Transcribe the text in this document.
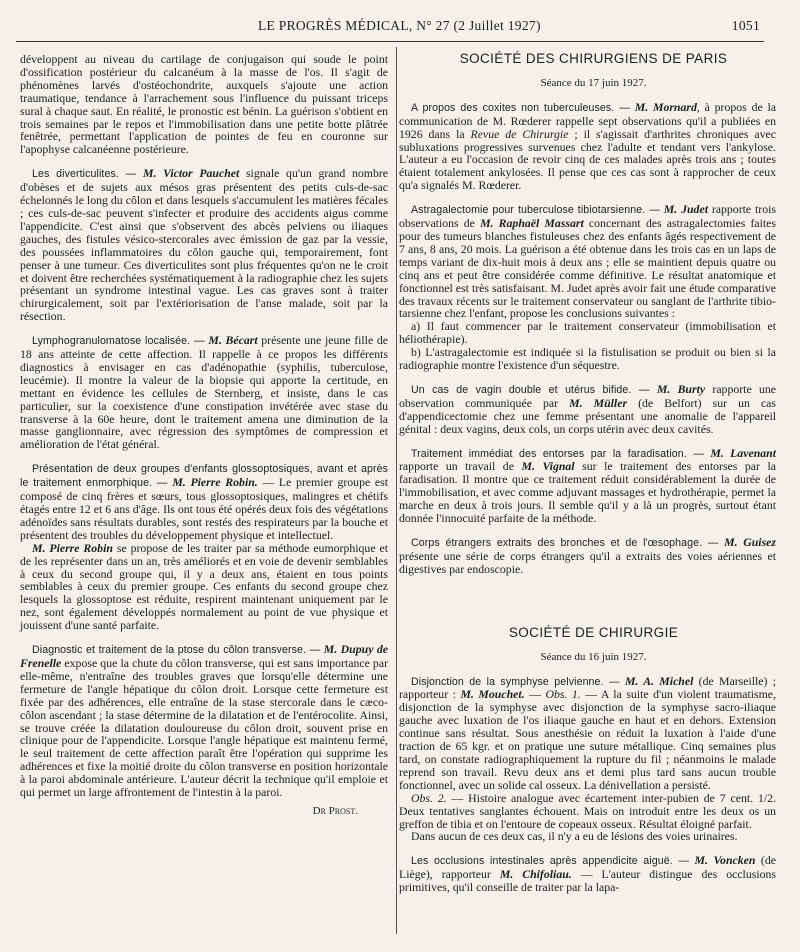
LE PROGRÈS MÉDICAL, N° 27 (2 Juillet 1927)	1051

développent au niveau du cartilage de conjugaison qui soude le point d'ossification postérieur du calcanéum à la masse de l'os. Il s'agit de phénomènes larvés d'ostéochondrite, auxquels s'ajoute une action traumatique, tendance à l'arrachement sous l'influence du puissant triceps sural à chaque saut. En réalité, le pronostic est bénin. La guérison s'obtient en trois semaines par le repos et l'immobilisation dans une petite botte plâtrée fenêtrée, permettant l'application de pointes de feu en couronne sur l'apophyse calcanéenne postérieure.

Les diverticulites. — M. Victor Pauchet signale qu'un grand nombre d'obèses et de sujets aux mésos gras présentent des petits culs-de-sac échelonnés le long du côlon et dans lesquels s'accumulent les matières fécales ; ces culs-de-sac peuvent s'infecter et produire des accidents aigus comme l'appendicite. C'est ainsi que s'observent des abcès pelviens ou iliaques gauches, des fistules vésico-stercorales avec émission de gaz par la vessie, des poussées inflammatoires du côlon gauche qui, temporairement, font penser à une tumeur. Ces diverticulites sont plus fréquentes qu'on ne le croit et doivent être recherchées systématiquement à la radiographie chez les sujets présentant un syndrome intestinal vague. Les cas graves sont à traiter chirurgicalement, soit par l'extériorisation de l'anse malade, soit par la résection.

Lymphogranulomatose localisée. — M. Bécart présente une jeune fille de 18 ans atteinte de cette affection. Il rappelle à ce propos les différents diagnostics à envisager en cas d'adénopathie (syphilis, tuberculose, leucémie). Il montre la valeur de la biopsie qui apporte la certitude, en mettant en évidence les cellules de Sternberg, et insiste, dans le cas particulier, sur la coexistence d'une constipation invétérée avec stase du transverse à la 60e heure, dont le traitement amena une diminution de la masse ganglionnaire, avec régression des symptômes de compression et amélioration de l'état général.

Présentation de deux groupes d'enfants glossoptosiques, avant et après le traitement enmorphique. — M. Pierre Robin. — Le premier groupe est composé de cinq frères et sœurs, tous glossoptosiques, malingres et chétifs étagés entre 12 et 6 ans d'âge. Ils ont tous été opérés deux fois des végétations adénoïdes sans résultats durables, sont restés des respirateurs par la bouche et présentent des troubles du développement physique et intellectuel.

M. Pierre Robin se propose de les traiter par sa méthode eumorphique et de les représenter dans un an, très améliorés et en voie de devenir semblables à ceux du second groupe qui, il y a deux ans, étaient en tous points semblables à ceux du premier groupe. Ces enfants du second groupe chez lesquels la glossoptose est réduite, respirent maintenant uniquement par le nez, sont également développés normalement au point de vue physique et jouissent d'une santé parfaite.

Diagnostic et traitement de la ptose du côlon transverse. — M. Dupuy de Frenelle expose que la chute du côlon transverse, qui est sans importance par elle-même, n'entraîne des troubles graves que lorsqu'elle détermine une fermeture de l'angle hépatique du côlon droit. Lorsque cette fermeture est fixée par des adhérences, elle entraîne de la stase stercorale dans le cæco-côlon ascendant ; la stase détermine de la dilatation et de l'entérocolite. Ainsi, se trouve créée la dilatation douloureuse du côlon droit, souvent prise en clinique pour de l'appendicite. Lorsque l'angle hépatique est maintenu fermé, le seul traitement de cette affection paraît être l'opération qui supprime les adhérences et fixe la moitié droite du côlon transverse en position horizontale à la paroi abdominale antérieure. L'auteur décrit la technique qu'il emploie et qui permet un large affrontement de l'intestin à la paroi.

Dr Prost.

SOCIÉTÉ DES CHIRURGIENS DE PARIS

Séance du 17 juin 1927.

A propos des coxites non tuberculeuses. — M. Mornard, à propos de la communication de M. Rœderer rappelle sept observations qu'il a publiées en 1926 dans la Revue de Chirurgie ; il s'agissait d'arthrites chroniques avec subluxations progressives survenues chez l'adulte et tendant vers l'ankylose. L'auteur a eu l'occasion de revoir cinq de ces malades après trois ans ; toutes étaient totalement ankylosées. Il pense que ces cas sont à rapprocher de ceux qu'a signalés M. Rœderer.

Astragalectomie pour tuberculose tibiotarsienne. — M. Judet rapporte trois observations de M. Raphaël Massart concernant des astragalectomies faites pour des tumeurs blanches fistuleuses chez des enfants âgés respectivement de 7 ans, 8 ans, 20 mois. La guérison a été obtenue dans les trois cas en un laps de temps variant de dix-huit mois à deux ans ; elle se maintient depuis quatre ou cinq ans et peut être considérée comme définitive. Le résultat anatomique et fonctionnel est très satisfaisant. M. Judet après avoir fait une étude comparative des travaux récents sur le traitement conservateur ou sanglant de l'arthrite tibio-tarsienne chez l'enfant, propose les conclusions suivantes :

a) Il faut commencer par le traitement conservateur (immobilisation et héliothérapie).

b) L'astragalectomie est indiquée si la fistulisation se produit ou bien si la radiographie montre l'existence d'un séquestre.

Un cas de vagin double et utérus bifide. — M. Burty rapporte une observation communiquée par M. Müller (de Belfort) sur un cas d'appendicectomie chez une femme présentant une anomalie de l'appareil génital : deux vagins, deux cols, un corps utérin avec deux cavités.

Traitement immédiat des entorses par la faradisation. — M. Lavenant rapporte un travail de M. Vignal sur le traitement des entorses par la faradisation. Il montre que ce traitement réduit considérablement la durée de l'immobilisation, et avec comme adjuvant massages et hydrothérapie, permet la marche en deux à trois jours. Il semble qu'il y a là un progrès, surtout étant donnée l'innocuité parfaite de la méthode.

Corps étrangers extraits des bronches et de l'œsophage. — M. Guisez présente une série de corps étrangers qu'il a extraits des voies aériennes et digestives par endoscopie.

SOCIÉTÉ DE CHIRURGIE

Séance du 16 juin 1927.

Disjonction de la symphyse pelvienne. — M. A. Michel (de Marseille) ; rapporteur : M. Mouchet. — Obs. 1. — A la suite d'un violent traumatisme, disjonction de la symphyse avec disjonction de la symphyse sacro-iliaque gauche avec luxation de l'os iliaque gauche en haut et en dehors. Extension continue sans résultat. Sous anesthésie on réduit la luxation à l'aide d'une traction de 65 kgr. et on pratique une suture métallique. Cinq semaines plus tard, on constate radiographiquement la rupture du fil ; néanmoins le malade reprend son travail. Revu deux ans et demi plus tard sans aucun trouble fonctionnel, avec un solide cal osseux. La dénivellation a persisté.

Obs. 2. — Histoire analogue avec écartement inter-pubien de 7 cent. 1/2. Deux tentatives sanglantes échouent. Mais on introduit entre les deux os un greffon de tibia et on l'entoure de copeaux osseux. Résultat éloigné parfait.

Dans aucun de ces deux cas, il n'y a eu de lésions des voies urinaires.

Les occlusions intestinales après appendicite aiguë. — M. Voncken (de Liège), rapporteur M. Chifoliau. — L'auteur distingue des occlusions primitives, qu'il conseille de traiter par la lapa-
